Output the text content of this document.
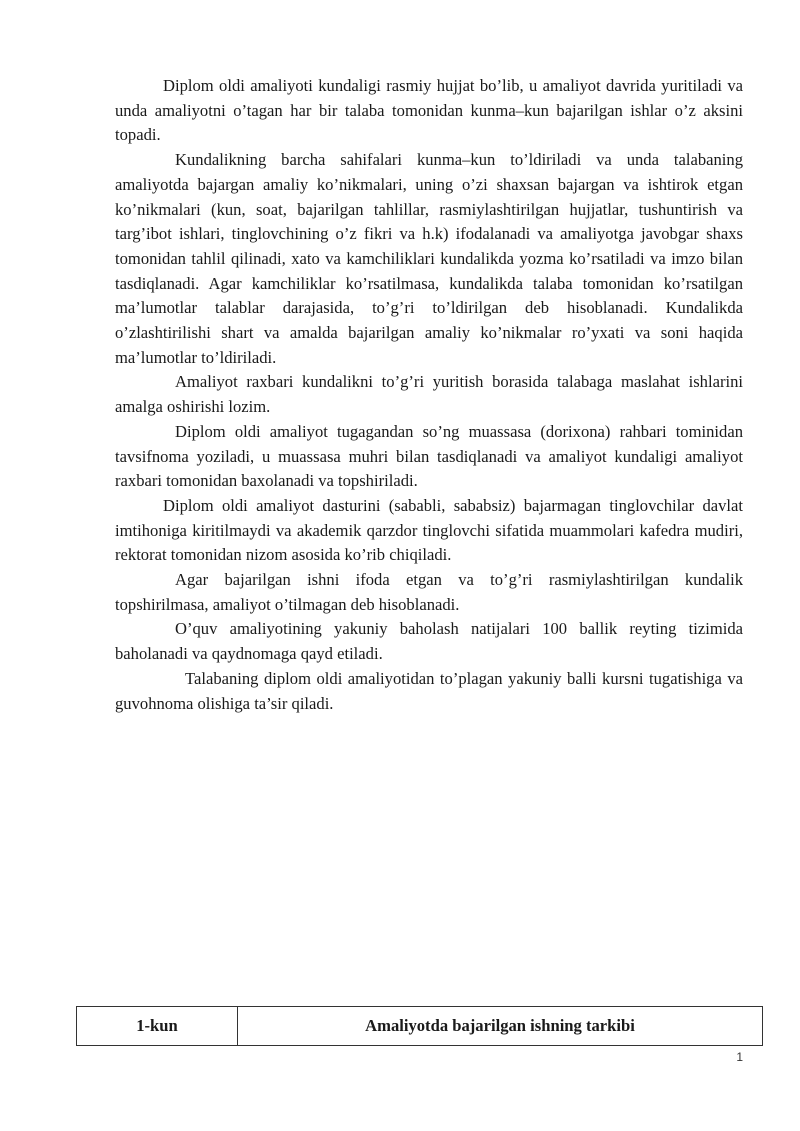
Diplom oldi amaliyoti kundaligi rasmiy hujjat bo’lib, u amaliyot davrida yuritiladi va unda amaliyotni o’tagan har bir talaba tomonidan kunma–kun bajarilgan ishlar o’z aksini topadi.

Kundalikning barcha sahifalari kunma–kun to’ldiriladi va unda talabaning amaliyotda bajargan amaliy ko’nikmalari, uning o’zi shaxsan bajargan va ishtirok etgan ko’nikmalari (kun, soat, bajarilgan tahlillar, rasmiylashtirilgan hujjatlar, tushuntirish va targ’ibot ishlari, tinglovchining o’z fikri va h.k) ifodalanadi va amaliyotga javobgar shaxs tomonidan tahlil qilinadi, xato va kamchiliklari kundalikda yozma ko’rsatiladi va imzo bilan tasdiqlanadi. Agar kamchiliklar ko’rsatilmasa, kundalikda talaba tomonidan ko’rsatilgan ma’lumotlar talablar darajasida, to’g’ri to’ldirilgan deb hisoblanadi. Kundalikda o’zlashtirilishi shart va amalda bajarilgan amaliy ko’nikmalar ro’yxati va soni haqida ma’lumotlar to’ldiriladi.

Amaliyot raxbari kundalikni to’g’ri yuritish borasida talabaga maslahat ishlarini amalga oshirishi lozim.

Diplom oldi amaliyot tugagandan so’ng muassasa (dorixona) rahbari tominidan tavsifnoma yoziladi, u muassasa muhri bilan tasdiqlanadi va amaliyot kundaligi amaliyot raxbari tomonidan baxolanadi va topshiriladi.

Diplom oldi amaliyot dasturini (sababli, sababsiz) bajarmagan tinglovchilar davlat imtihoniga kiritilmaydi va akademik qarzdor tinglovchi sifatida muammolari kafedra mudiri, rektorat tomonidan nizom asosida ko’rib chiqiladi.

Agar bajarilgan ishni ifoda etgan va to’g’ri rasmiylashtirilgan kundalik topshirilmasa, amaliyot o’tilmagan deb hisoblanadi.

O’quv amaliyotining yakuniy baholash natijalari 100 ballik reyting tizimida baholanadi va qaydnomaga qayd etiladi.

Talabaning diplom oldi amaliyotidan to’plagan yakuniy balli kursni tugatishiga va guvohnoma olishiga ta’sir qiladi.

1-kun	Amaliyotda bajarilgan ishning tarkibi
1
